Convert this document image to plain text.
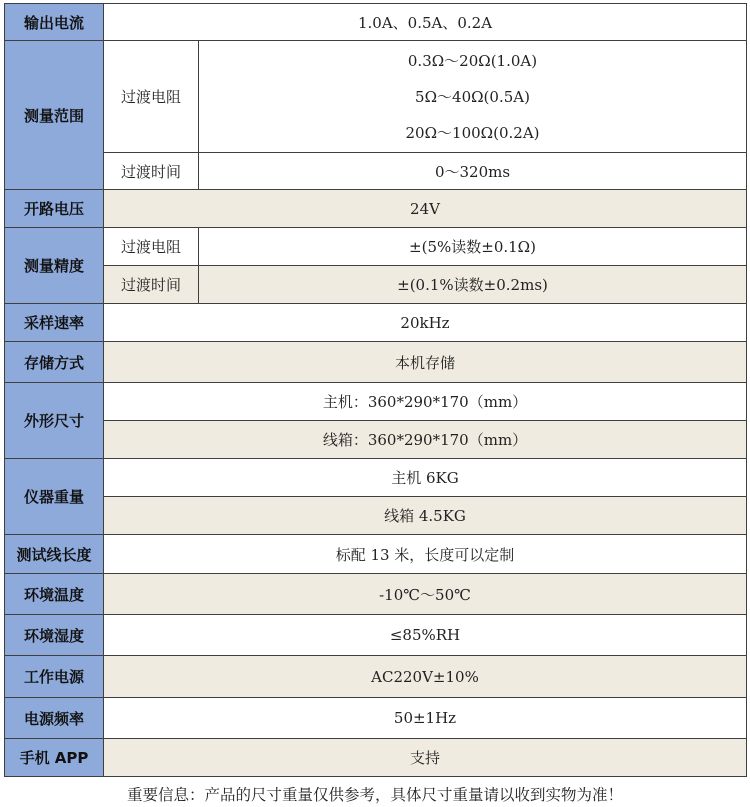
输出电流	1.0A、0.5A、0.2A	
测量范围	过渡电阻	0.3Ω～20Ω(1.0A)
5Ω～40Ω(0.5A)
20Ω～100Ω(0.2A)

	过渡时间	0～320ms
开路电压	24V	
测量精度	过渡电阻	±(5%读数±0.1Ω)
	过渡时间	±(0.1%读数±0.2ms)
采样速率	20kHz	
存储方式	本机存储	
外形尺寸	主机：360*290*170（mm）	
	线箱：360*290*170（mm）	
仪器重量	主机 6KG	
	线箱 4.5KG	
测试线长度	标配 13 米，长度可以定制	
环境温度	-10℃～50℃	
环境湿度	≤85%RH	
工作电源	AC220V±10%	
电源频率	50±1Hz	
手机 APP	支持	
重要信息：产品的尺寸重量仅供参考，具体尺寸重量请以收到实物为准！
